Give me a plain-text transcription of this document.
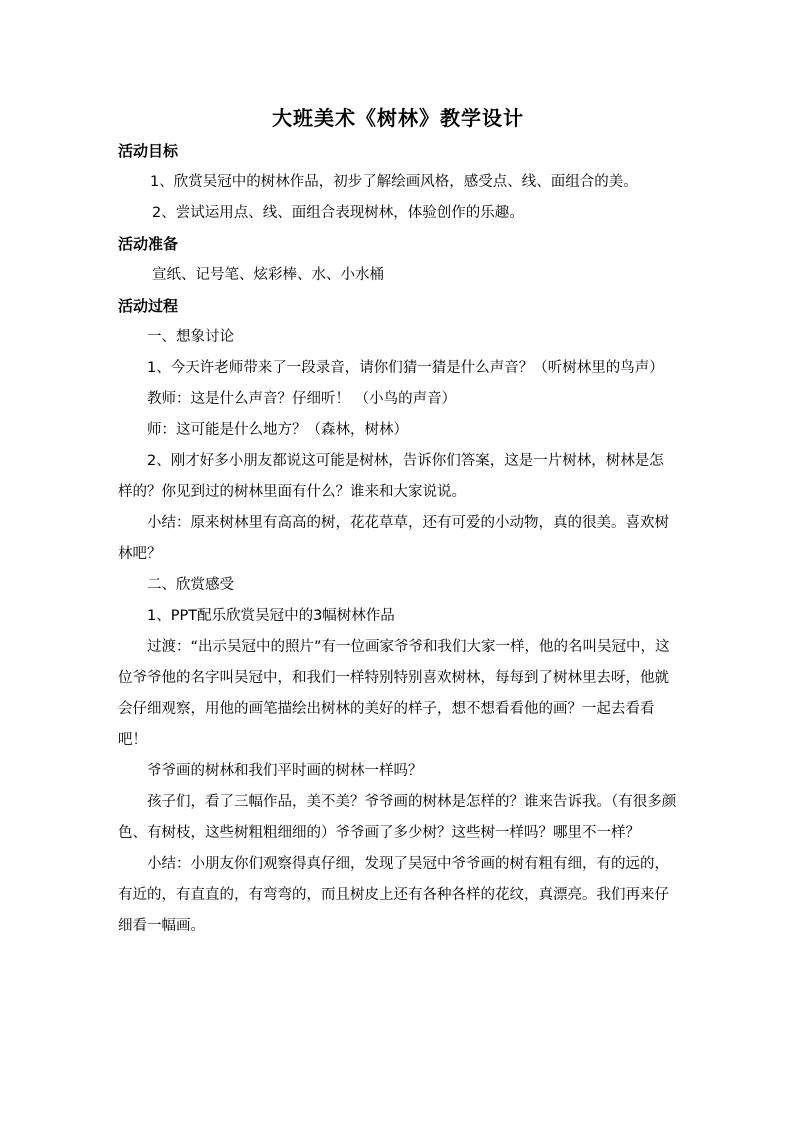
大班美术《树林》教学设计
活动目标

1、欣赏吴冠中的树林作品，初步了解绘画风格，感受点、线、面组合的美。

2、尝试运用点、线、面组合表现树林，体验创作的乐趣。

活动准备

宣纸、记号笔、炫彩棒、水、小水桶

活动过程

一、想象讨论

1、今天许老师带来了一段录音，请你们猜一猜是什么声音？（听树林里的鸟声）

教师：这是什么声音？仔细听！ （小鸟的声音）

师：这可能是什么地方？（森林，树林）

2、刚才好多小朋友都说这可能是树林，告诉你们答案，这是一片树林，树林是怎样的？你见到过的树林里面有什么？谁来和大家说说。

小结：原来树林里有高高的树，花花草草，还有可爱的小动物，真的很美。喜欢树林吧？

二、欣赏感受

1、PPT配乐欣赏吴冠中的3幅树林作品

过渡：“出示吴冠中的照片”有一位画家爷爷和我们大家一样，他的名叫吴冠中，这位爷爷他的名字叫吴冠中，和我们一样特别特别喜欢树林，每每到了树林里去呀，他就会仔细观察，用他的画笔描绘出树林的美好的样子，想不想看看他的画？一起去看看吧！

爷爷画的树林和我们平时画的树林一样吗？

孩子们，看了三幅作品，美不美？爷爷画的树林是怎样的？谁来告诉我。（有很多颜色、有树枝，这些树粗粗细细的）爷爷画了多少树？这些树一样吗？哪里不一样？

小结：小朋友你们观察得真仔细，发现了吴冠中爷爷画的树有粗有细，有的远的，有近的，有直直的，有弯弯的，而且树皮上还有各种各样的花纹，真漂亮。我们再来仔细看一幅画。
